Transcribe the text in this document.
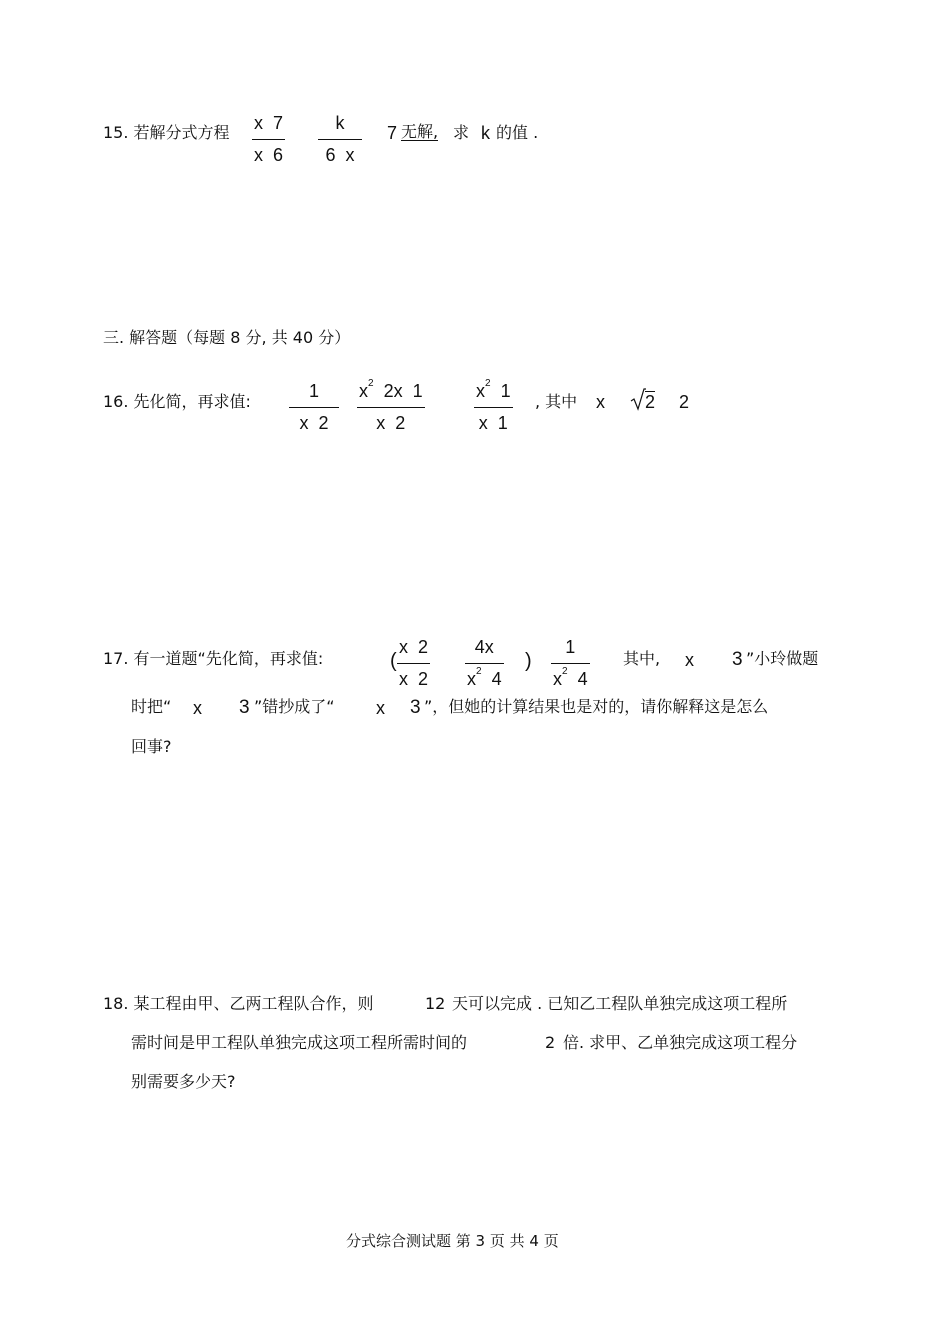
15. 若解分式方程 x  7
x  6
k
6  x
7 无解, 求 k 的值 .
三. 解答题（每题 8 分, 共 40 分）
16. 先化简，再求值:
1
x  2
$x^2$  2x  1
x  2
$x^2$  1
x  1
, 其中 x 2 2
17. 有一道题“先化简，再求值:	(
x  2
x  2
4x
$x^2$  4
)
1
$x^2$  4
其中, x 3 ”小玲做题
时把“ x 3 ”错抄成了“ x 3 ”，但她的计算结果也是对的，请你解释这是怎么
回事?
18. 某工程由甲、乙两工程队合作，则	12 天可以完成 . 已知乙工程队单独完成这项工程所
需时间是甲工程队单独完成这项工程所需时间的	2 倍. 求甲、乙单独完成这项工程分
别需要多少天?
分式综合测试题 第 3 页 共 4 页
